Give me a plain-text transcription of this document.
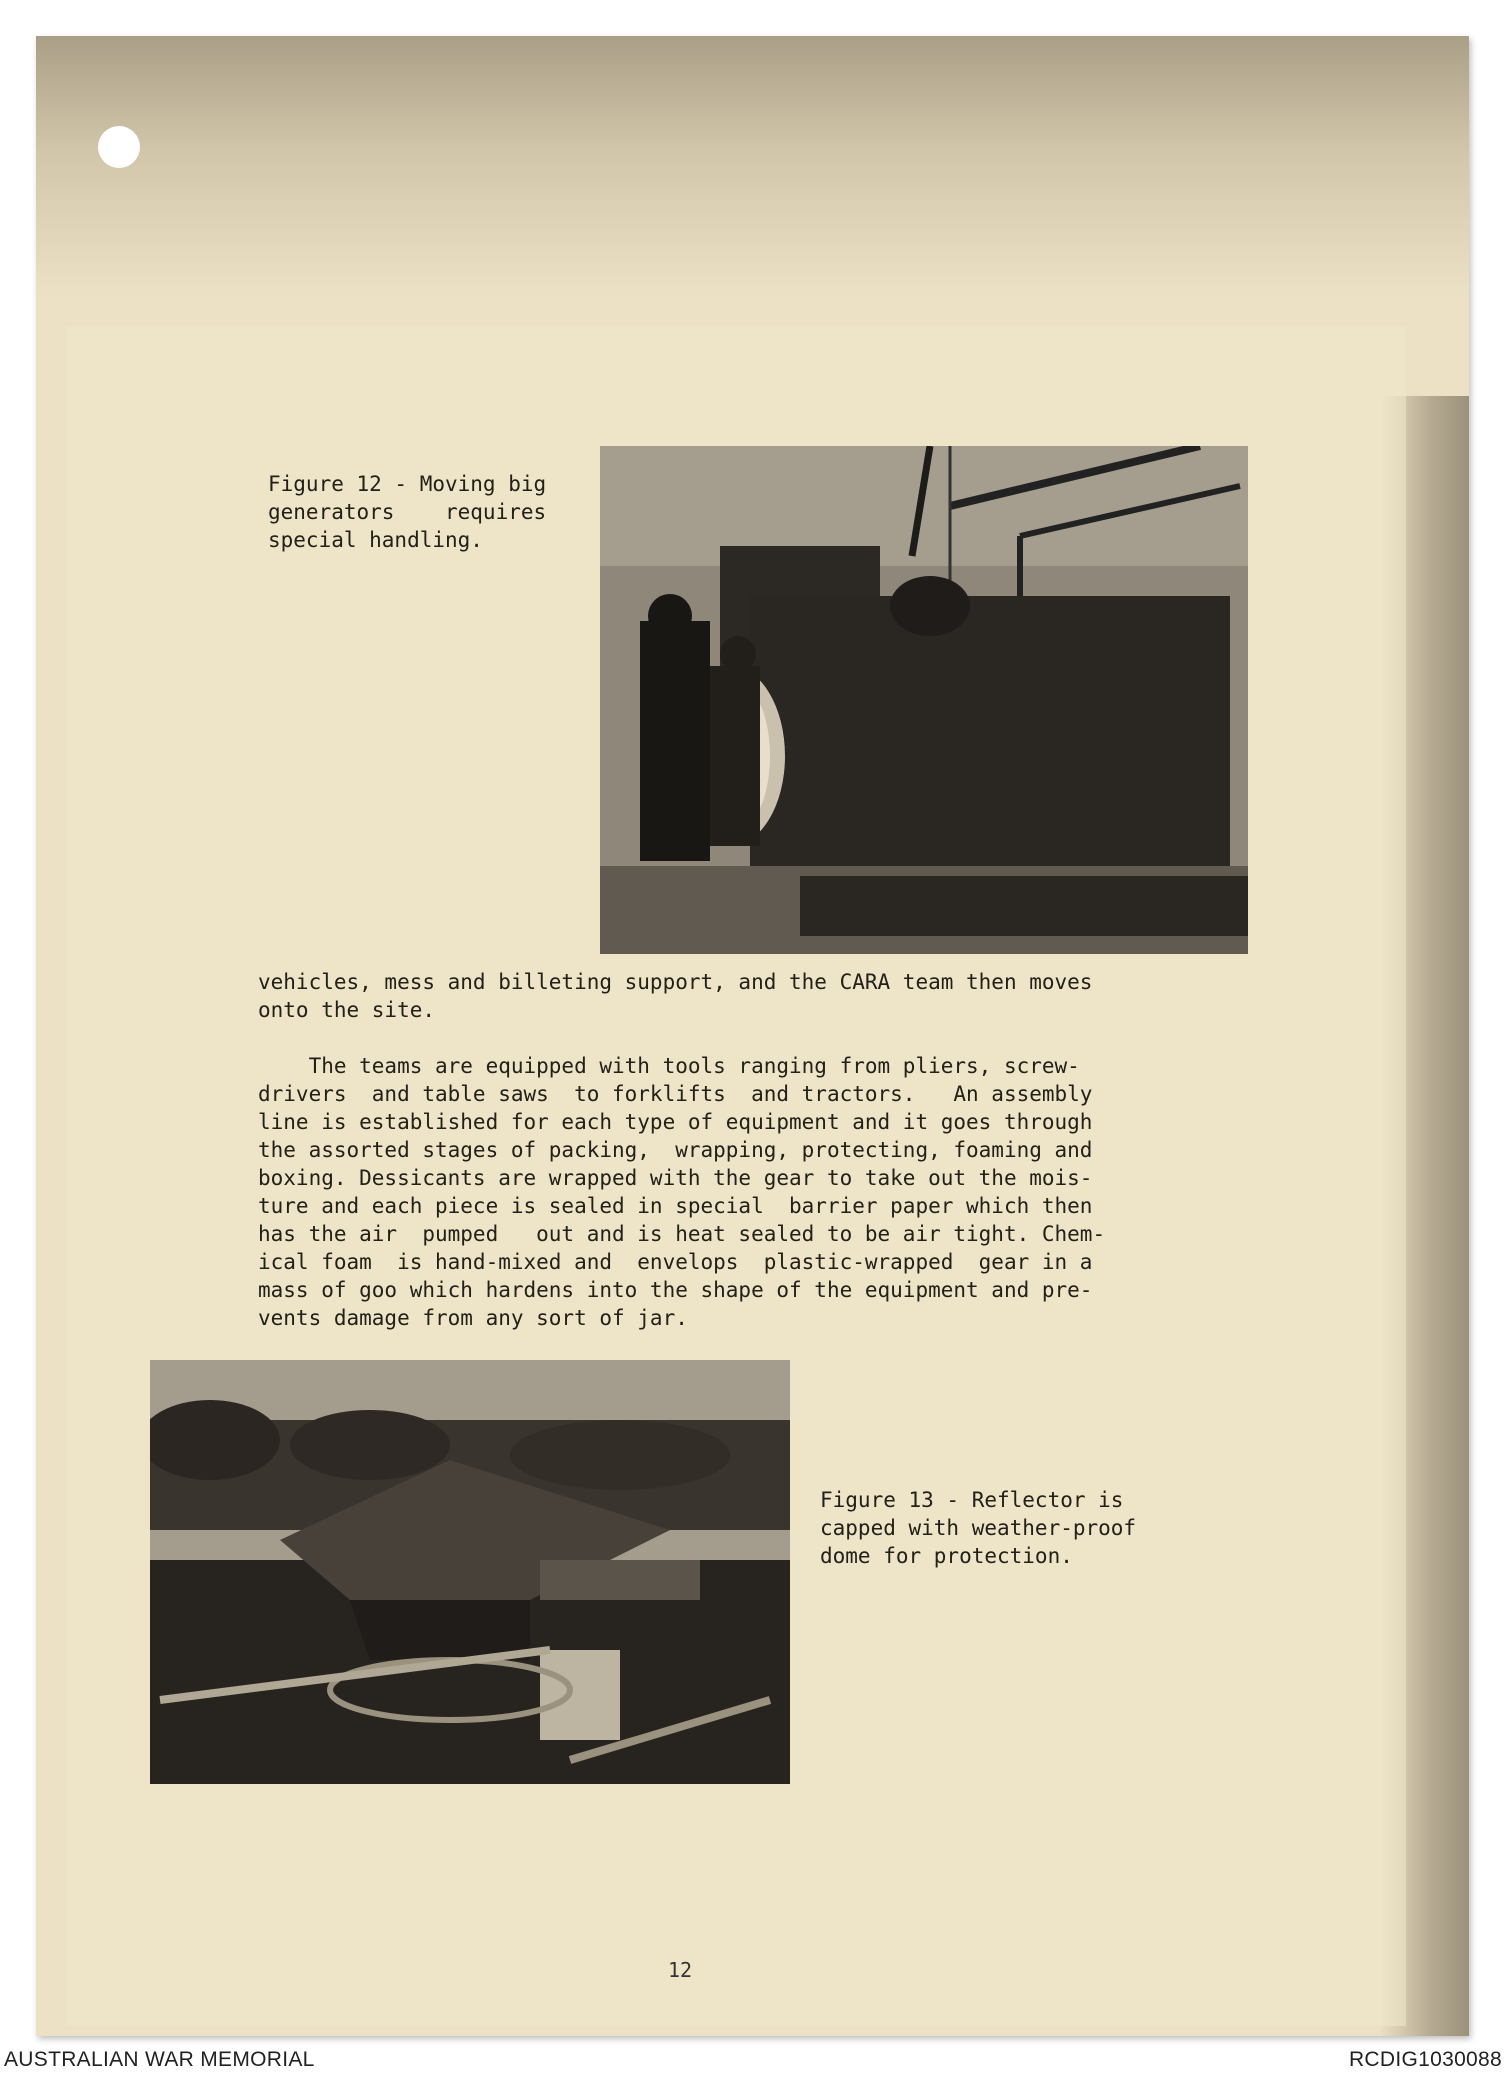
Figure 12 - Moving big
generators    requires
special handling.
vehicles, mess and billeting support, and the CARA team then moves
onto the site.
The teams are equipped with tools ranging from pliers, screw-
drivers  and table saws  to forklifts  and tractors.   An assembly
line is established for each type of equipment and it goes through
the assorted stages of packing,  wrapping, protecting, foaming and
boxing. Dessicants are wrapped with the gear to take out the mois-
ture and each piece is sealed in special  barrier paper which then
has the air  pumped   out and is heat sealed to be air tight. Chem-
ical foam  is hand-mixed and  envelops  plastic-wrapped  gear in a
mass of goo which hardens into the shape of the equipment and pre-
vents damage from any sort of jar.
Figure 13 - Reflector is
capped with weather-proof
dome for protection.
12
AUSTRALIAN WAR MEMORIAL	RCDIG1030088
